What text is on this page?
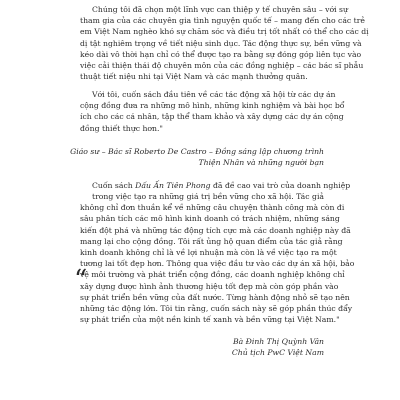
Chúng tôi đã chọn một lĩnh vực can thiệp y tế chuyên sâu – với sự
tham gia của các chuyên gia tình nguyện quốc tế – mang đến cho các trẻ
em Việt Nam nghèo khó sự chăm sóc và điều trị tốt nhất có thể cho các dị
dị tật nghiêm trọng về tiết niệu sinh dục. Tác động thực sự, bền vững và
kéo dài vô thời hạn chỉ có thể được tạo ra bằng sự đóng góp liên tục vào
việc cải thiện thái độ chuyên môn của các đồng nghiệp – các bác sĩ phẫu
thuật tiết niệu nhi tại Việt Nam và các mạnh thưởng quân.
Với tôi, cuốn sách đầu tiên về các tác động xã hội từ các dự án
cộng đồng đưa ra những mô hình, những kinh nghiệm và bài học bổ
ích cho các cá nhân, tập thể tham khảo và xây dựng các dự án cộng
đồng thiết thực hơn."
Giáo sư – Bác sĩ Roberto De Castro – Đồng sáng lập chương trình
Thiện Nhân và những người bạn
“
Cuốn sách Dấu Ấn Tiên Phong đã đề cao vai trò của doanh nghiệp
trong việc tạo ra những giá trị bền vững cho xã hội. Tác giả
không chỉ đơn thuần kể về những câu chuyện thành công mà còn đi
sâu phân tích các mô hình kinh doanh có trách nhiệm, những sáng
kiến đột phá và những tác động tích cực mà các doanh nghiệp này đã
mang lại cho cộng đồng. Tôi rất ủng hộ quan điểm của tác giả rằng
kinh doanh không chỉ là về lợi nhuận mà còn là về việc tạo ra một
tương lai tốt đẹp hơn. Thông qua việc đầu tư vào các dự án xã hội, bảo
vệ môi trường và phát triển cộng đồng, các doanh nghiệp không chỉ
xây dựng được hình ảnh thương hiệu tốt đẹp mà còn góp phần vào
sự phát triển bền vững của đất nước. Từng hành động nhỏ sẽ tạo nên
những tác động lớn. Tôi tin rằng, cuốn sách này sẽ góp phần thúc đẩy
sự phát triển của một nền kinh tế xanh và bền vững tại Việt Nam."
Bà Đinh Thị Quỳnh Vân
Chủ tịch PwC Việt Nam
